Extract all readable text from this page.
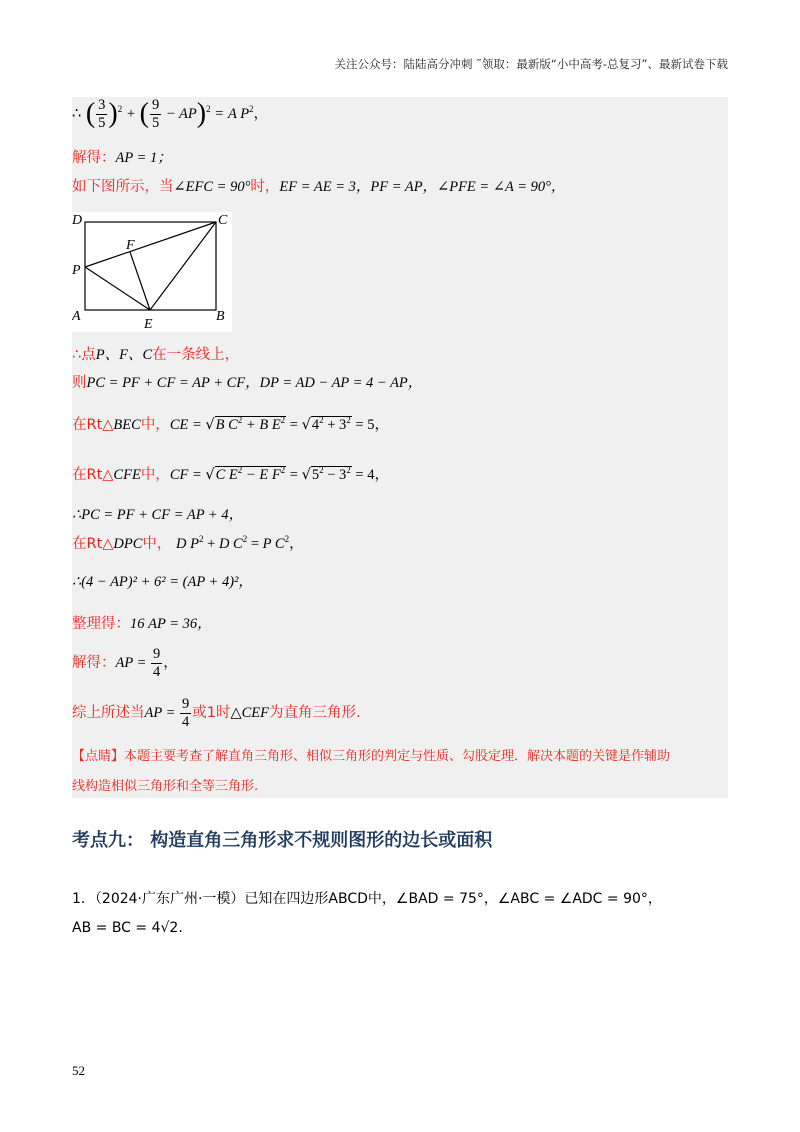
关注公众号：陆陆高分冲刺 ˜领取：最新版“小中高考-总复习”、最新试卷下载
∴ ( $\frac{3}{5} )^2$ + ( $\frac{9}{5} - AP)^2 = A$ $P^2$，
解得：AP = 1；
如下图所示，当∠EFC = 90°时，EF = AE = 3，PF = AP，∠PFE = ∠A = 90°，
D	C
F
P
A
E
B
∴点P、F、C在一条线上，
则PC = PF + CF = AP + CF，DP = AD − AP = 4 − AP，
在Rt△BEC中，CE = √B $C^2 + B$ $E^2 = √4^2 + 3^2 = 5$，
在Rt△CFE中，CF = √C $E^2 - E$ $F^2 = √5^2 - 3^2 = 4$，
∴PC = PF + CF = AP + 4，
在Rt△DPC中， D $P^2 + D$ $C^2 = P$ $C^2$，
∴(4 − AP)² + 6² = (AP + 4)²，
整理得：16 AP = 36，
解得：AP = $\frac{9}{4}$ ，
综上所述当AP = $\frac{9}{4}$ 或1时△CEF为直角三角形.
【点睛】本题主要考查了解直角三角形、相似三角形的判定与性质、勾股定理．解决本题的关键是作辅助
线构造相似三角形和全等三角形.
考点九： 构造直角三角形求不规则图形的边长或面积
1．（2024·广东广州·一模）已知在四边形ABCD中，∠BAD = 75°，∠ABC = ∠ADC = 90°，
AB = BC = 4√2.
52
